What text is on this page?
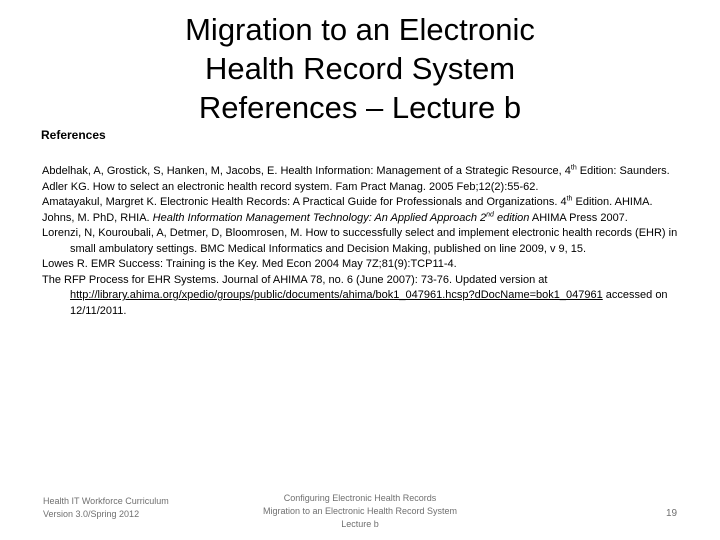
Migration to an Electronic
Health Record System
References – Lecture b
References

Abdelhak, A, Grostick, S, Hanken, M, Jacobs, E. Health Information: Management of a Strategic Resource, 4th Edition: Saunders.

Adler KG. How to select an electronic health record system. Fam Pract Manag. 2005 Feb;12(2):55-62.

Amatayakul, Margret K. Electronic Health Records: A Practical Guide for Professionals and Organizations. 4th Edition. AHIMA.

Johns, M. PhD, RHIA. Health Information Management Technology: An Applied Approach 2nd edition AHIMA Press 2007.

Lorenzi, N, Kouroubali, A, Detmer, D, Bloomrosen, M. How to successfully select and implement electronic health records (EHR) in small ambulatory settings. BMC Medical Informatics and Decision Making, published on line 2009, v 9, 15.

Lowes R. EMR Success: Training is the Key. Med Econ 2004 May 7Z;81(9):TCP11-4.

The RFP Process for EHR Systems. Journal of AHIMA 78, no. 6 (June 2007): 73-76. Updated version at http://library.ahima.org/xpedio/groups/public/documents/ahima/bok1_047961.hcsp?dDocName=bok1_047961 accessed on 12/11/2011.

Health IT Workforce Curriculum
Version 3.0/Spring 2012
Configuring Electronic Health Records
Migration to an Electronic Health Record System
Lecture b
19
